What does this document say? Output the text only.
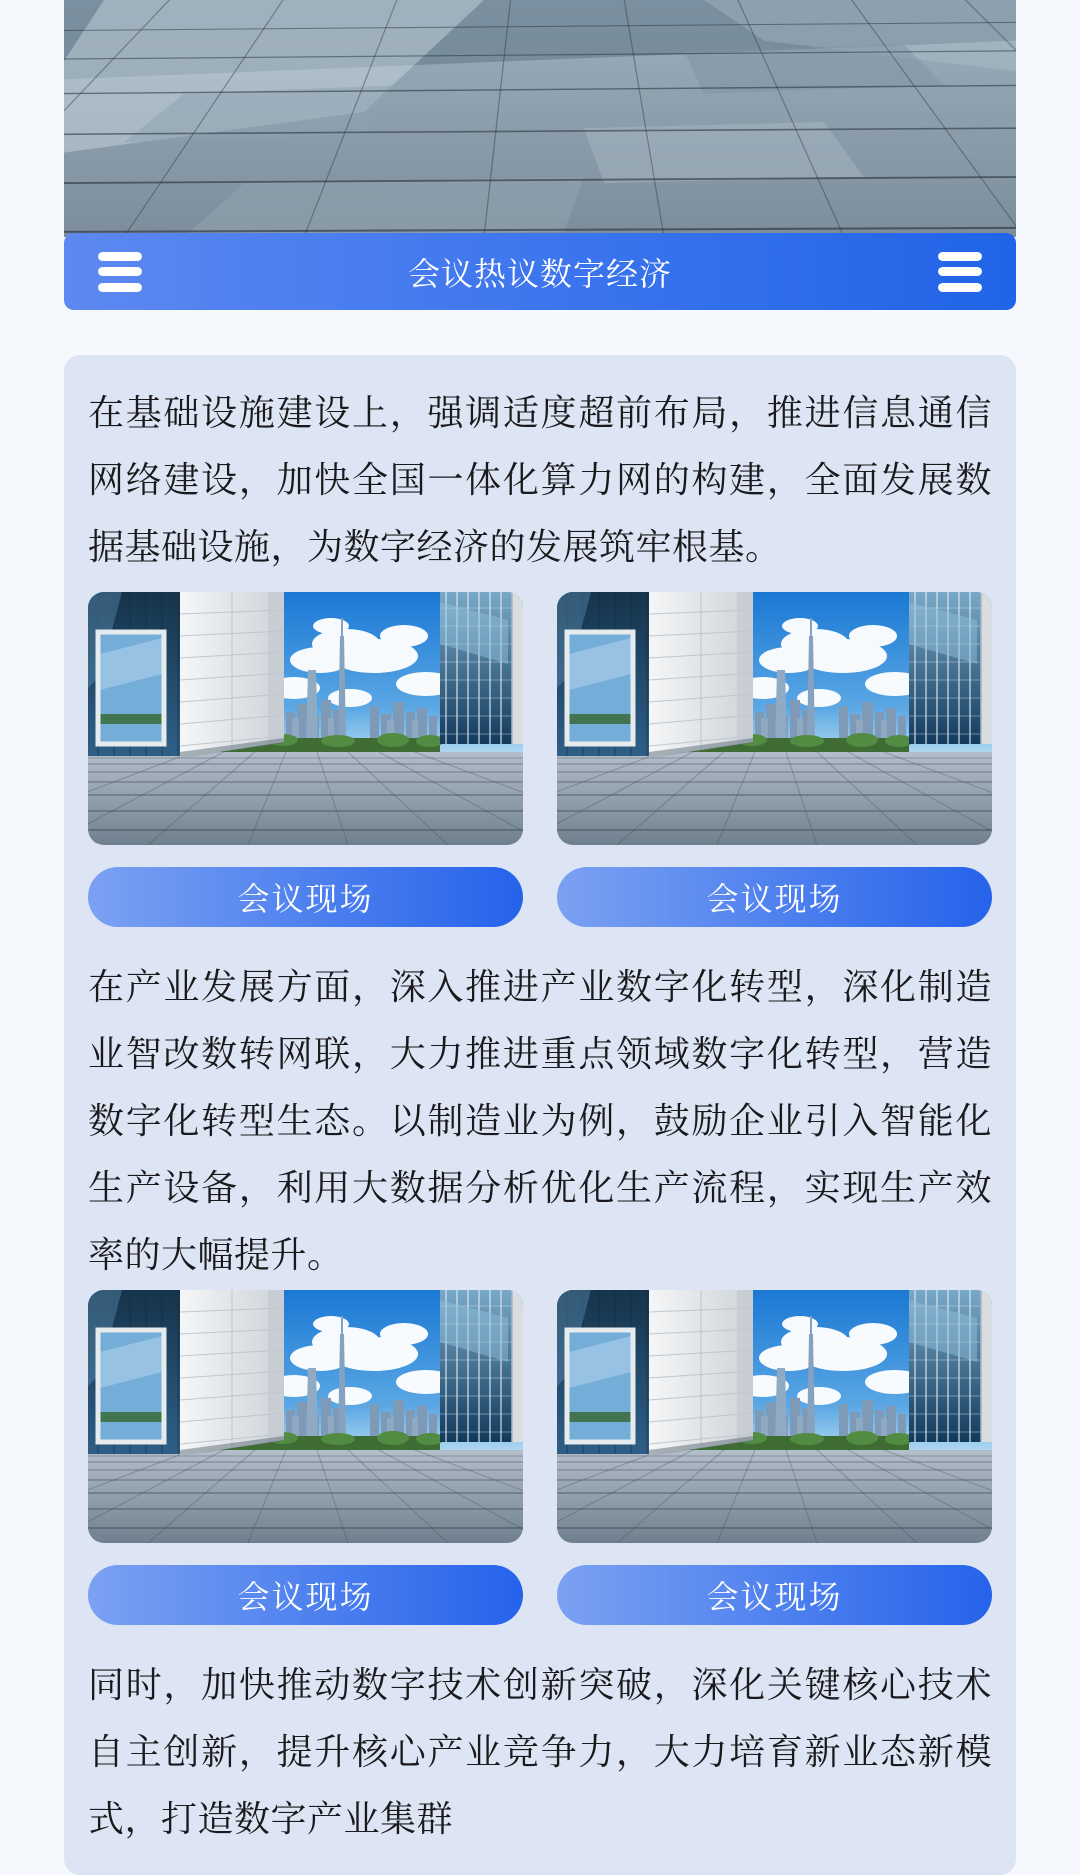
会议热议数字经济

在基础设施建设上，强调适度超前布局，推进信息通信网络建设，加快全国一体化算力网的构建，全面发展数据基础设施，为数字经济的发展筑牢根基。

会议现场	会议现场

在产业发展方面，深入推进产业数字化转型，深化制造业智改数转网联，大力推进重点领域数字化转型，营造数字化转型生态。以制造业为例，鼓励企业引入智能化生产设备，利用大数据分析优化生产流程，实现生产效率的大幅提升。

会议现场	会议现场

同时，加快推动数字技术创新突破，深化关键核心技术自主创新，提升核心产业竞争力，大力培育新业态新模式，打造数字产业集群
